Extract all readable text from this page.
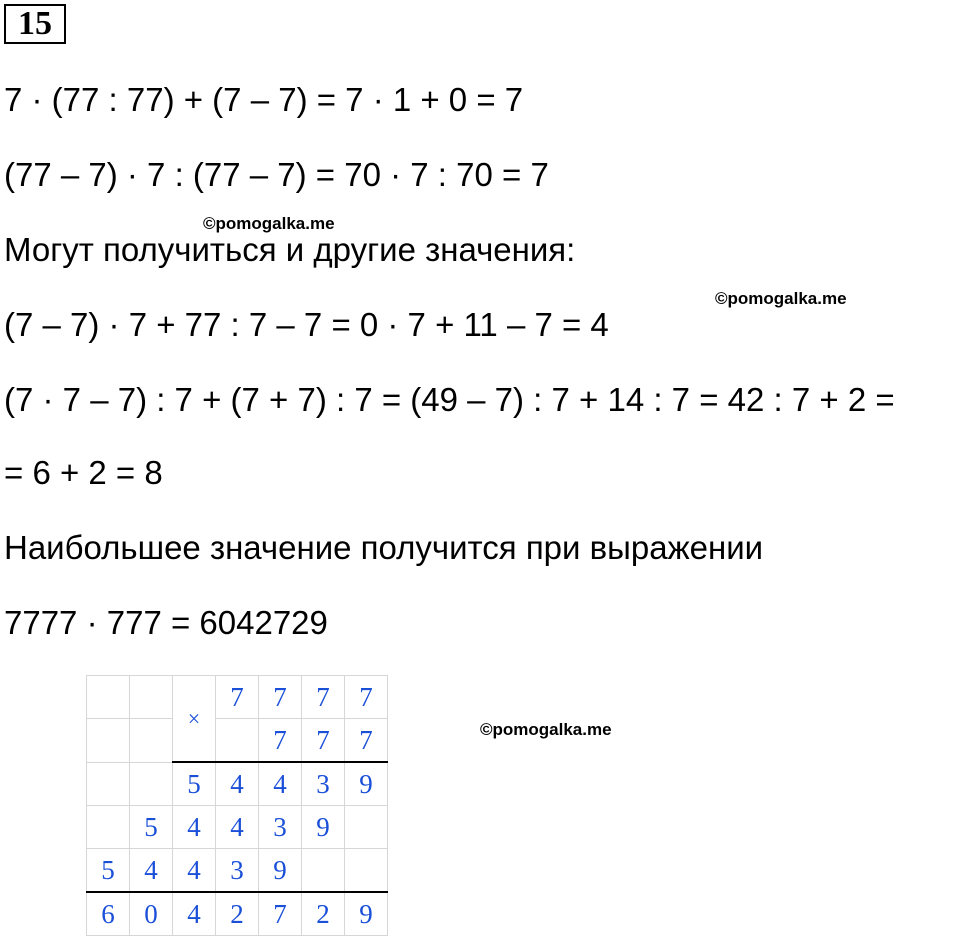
15
7 · (77 : 77) + (7 – 7) = 7 · 1 + 0 = 7
(77 – 7) · 7 : (77 – 7) = 70 · 7 : 70 = 7
©pomogalka.me
Могут получиться и другие значения:
©pomogalka.me
(7 – 7) · 7 + 77 : 7 – 7 = 0 · 7 + 11 – 7 = 4
(7 · 7 – 7) : 7 + (7 + 7) : 7 = (49 – 7) : 7 + 14 : 7 = 42 : 7 + 2 =
= 6 + 2 = 8
Наибольшее значение получится при выражении
7777 · 777 = 6042729
©pomogalka.me
		×	7	7	7	7
				7	7	7
		5	4	4	3	9
	5	4	4	3	9	
5	4	4	3	9		
6	0	4	2	7	2	9
